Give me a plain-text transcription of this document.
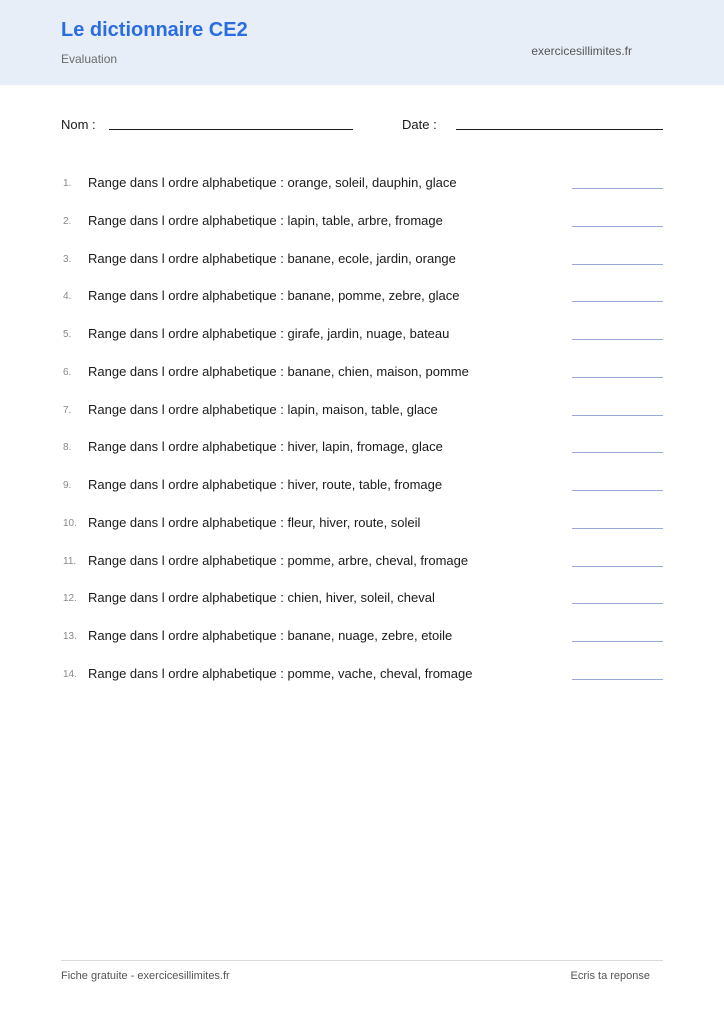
Le dictionnaire CE2
Evaluation
exercicesillimites.fr
Nom :	Date :
1. Range dans l ordre alphabetique : orange, soleil, dauphin, glace
2. Range dans l ordre alphabetique : lapin, table, arbre, fromage
3. Range dans l ordre alphabetique : banane, ecole, jardin, orange
4. Range dans l ordre alphabetique : banane, pomme, zebre, glace
5. Range dans l ordre alphabetique : girafe, jardin, nuage, bateau
6. Range dans l ordre alphabetique : banane, chien, maison, pomme
7. Range dans l ordre alphabetique : lapin, maison, table, glace
8. Range dans l ordre alphabetique : hiver, lapin, fromage, glace
9. Range dans l ordre alphabetique : hiver, route, table, fromage
10. Range dans l ordre alphabetique : fleur, hiver, route, soleil
11. Range dans l ordre alphabetique : pomme, arbre, cheval, fromage
12. Range dans l ordre alphabetique : chien, hiver, soleil, cheval
13. Range dans l ordre alphabetique : banane, nuage, zebre, etoile
14. Range dans l ordre alphabetique : pomme, vache, cheval, fromage
Fiche gratuite - exercicesillimites.fr	Ecris ta reponse
